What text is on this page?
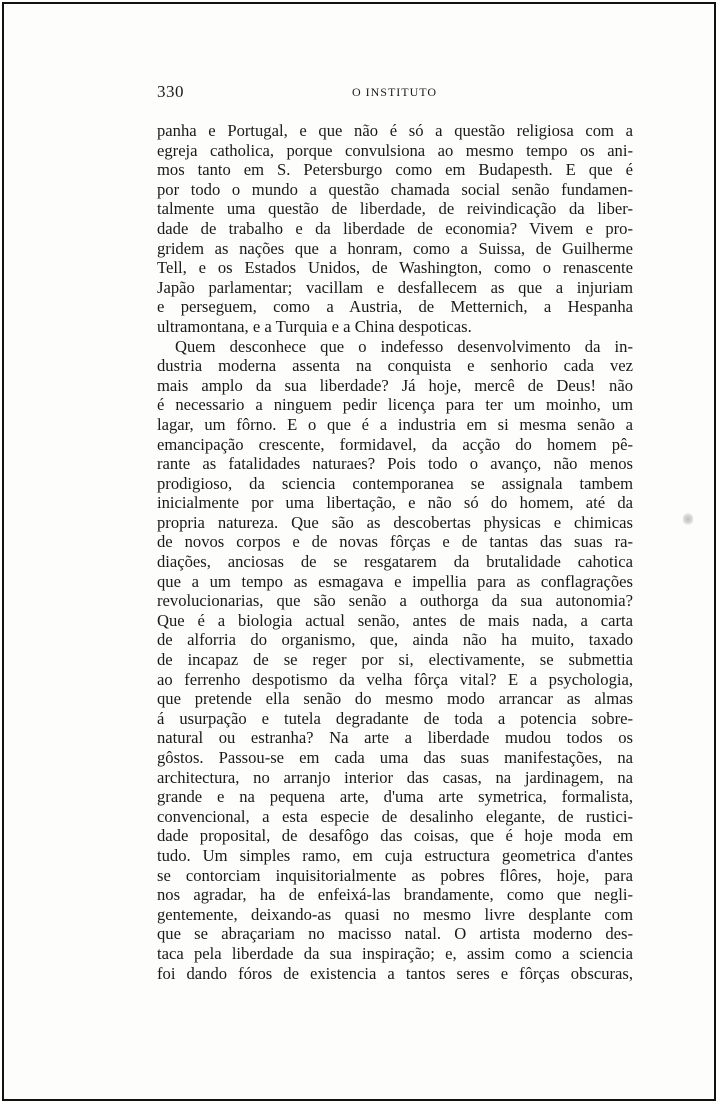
330	O INSTITUTO
panha e Portugal, e que não é só a questão religiosa com a
egreja catholica, porque convulsiona ao mesmo tempo os ani-
mos tanto em S. Petersburgo como em Budapesth. E que é
por todo o mundo a questão chamada social senão fundamen-
talmente uma questão de liberdade, de reivindicação da liber-
dade de trabalho e da liberdade de economia? Vivem e pro-
gridem as nações que a honram, como a Suissa, de Guilherme
Tell, e os Estados Unidos, de Washington, como o renascente
Japão parlamentar; vacillam e desfallecem as que a injuriam
e perseguem, como a Austria, de Metternich, a Hespanha
ultramontana, e a Turquia e a China despoticas.
Quem desconhece que o indefesso desenvolvimento da in-
dustria moderna assenta na conquista e senhorio cada vez
mais amplo da sua liberdade? Já hoje, mercê de Deus! não
é necessario a ninguem pedir licença para ter um moinho, um
lagar, um fôrno. E o que é a industria em si mesma senão a
emancipação crescente, formidavel, da acção do homem pê-
rante as fatalidades naturaes? Pois todo o avanço, não menos
prodigioso, da sciencia contemporanea se assignala tambem
inicialmente por uma libertação, e não só do homem, até da
propria natureza. Que são as descobertas physicas e chimicas
de novos corpos e de novas fôrças e de tantas das suas ra-
diações, anciosas de se resgatarem da brutalidade cahotica
que a um tempo as esmagava e impellia para as conflagrações
revolucionarias, que são senão a outhorga da sua autonomia?
Que é a biologia actual senão, antes de mais nada, a carta
de alforria do organismo, que, ainda não ha muito, taxado
de incapaz de se reger por si, electivamente, se submettia
ao ferrenho despotismo da velha fôrça vital? E a psychologia,
que pretende ella senão do mesmo modo arrancar as almas
á usurpação e tutela degradante de toda a potencia sobre-
natural ou estranha? Na arte a liberdade mudou todos os
gôstos. Passou-se em cada uma das suas manifestações, na
architectura, no arranjo interior das casas, na jardinagem, na
grande e na pequena arte, d'uma arte symetrica, formalista,
convencional, a esta especie de desalinho elegante, de rustici-
dade proposital, de desafôgo das coisas, que é hoje moda em
tudo. Um simples ramo, em cuja estructura geometrica d'antes
se contorciam inquisitorialmente as pobres flôres, hoje, para
nos agradar, ha de enfeixá-las brandamente, como que negli-
gentemente, deixando-as quasi no mesmo livre desplante com
que se abraçariam no macisso natal. O artista moderno des-
taca pela liberdade da sua inspiração; e, assim como a sciencia
foi dando fóros de existencia a tantos seres e fôrças obscuras,
